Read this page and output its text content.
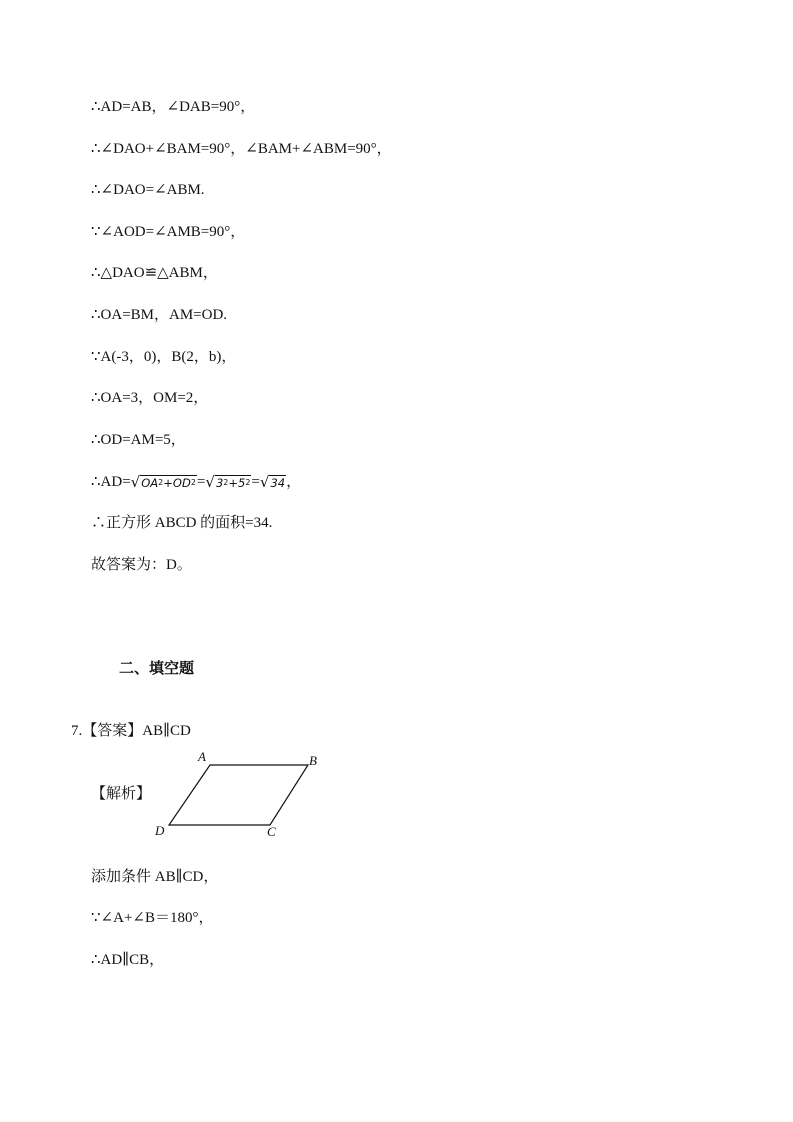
∴AD=AB，∠DAB=90°，
∴∠DAO+∠BAM=90°，∠BAM+∠ABM=90°，
∴∠DAO=∠ABM.
∵∠AOD=∠AMB=90°，
∴△DAO≌△ABM，
∴OA=BM，AM=OD.
∵A(-3，0)，B(2，b)，
∴OA=3，OM=2，
∴OD=AM=5，
∴AD=√OA2+OD2=√32+52=√34，
∴正方形 ABCD 的面积=34.
故答案为：D。
二、填空题
7.【答案】AB∥CD
【解析】
A	B
C
D
添加条件 AB∥CD，
∵∠A+∠B＝180°，
∴AD∥CB，
